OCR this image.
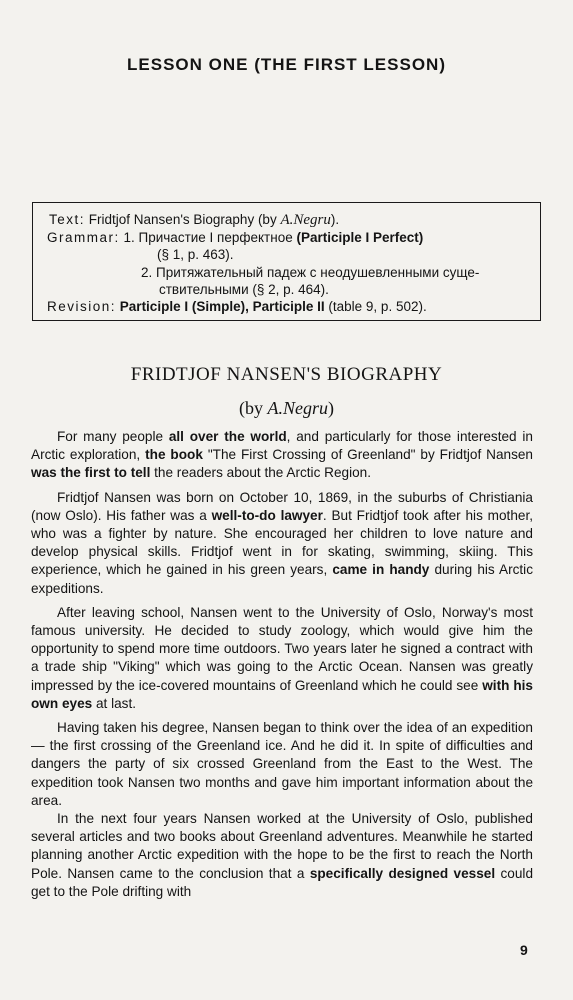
LESSON ONE (THE FIRST LESSON)
Text: Fridtjof Nansen's Biography (by A.Negru).
Grammar: 1. Причастие I перфектное (Participle I Perfect)
(§ 1, p. 463).
2. Притяжательный падеж с неодушевленными суще-
ствительными (§ 2, p. 464).
Revision: Participle I (Simple), Participle II (table 9, p. 502).
FRIDTJOF NANSEN'S BIOGRAPHY
(by A.Negru)

For many people all over the world, and particularly for those interested in Arctic exploration, the book "The First Crossing of Greenland" by Fridtjof Nansen was the first to tell the readers about the Arctic Region.

Fridtjof Nansen was born on October 10, 1869, in the suburbs of Christiania (now Oslo). His father was a well-to-do lawyer. But Fridtjof took after his mother, who was a fighter by nature. She encouraged her children to love nature and develop physical skills. Fridtjof went in for skating, swimming, skiing. This experience, which he gained in his green years, came in handy during his Arctic expeditions.

After leaving school, Nansen went to the University of Oslo, Norway's most famous university. He decided to study zoology, which would give him the opportunity to spend more time outdoors. Two years later he signed a contract with a trade ship "Viking" which was going to the Arctic Ocean. Nansen was greatly impressed by the ice-covered mountains of Greenland which he could see with his own eyes at last.

Having taken his degree, Nansen began to think over the idea of an expedition — the first crossing of the Greenland ice. And he did it. In spite of difficulties and dangers the party of six crossed Greenland from the East to the West. The expedition took Nansen two months and gave him important information about the area.

In the next four years Nansen worked at the University of Oslo, published several articles and two books about Greenland adventures. Meanwhile he started planning another Arctic expedition with the hope to be the first to reach the North Pole. Nansen came to the conclusion that a specifically designed vessel could get to the Pole drifting with

9
